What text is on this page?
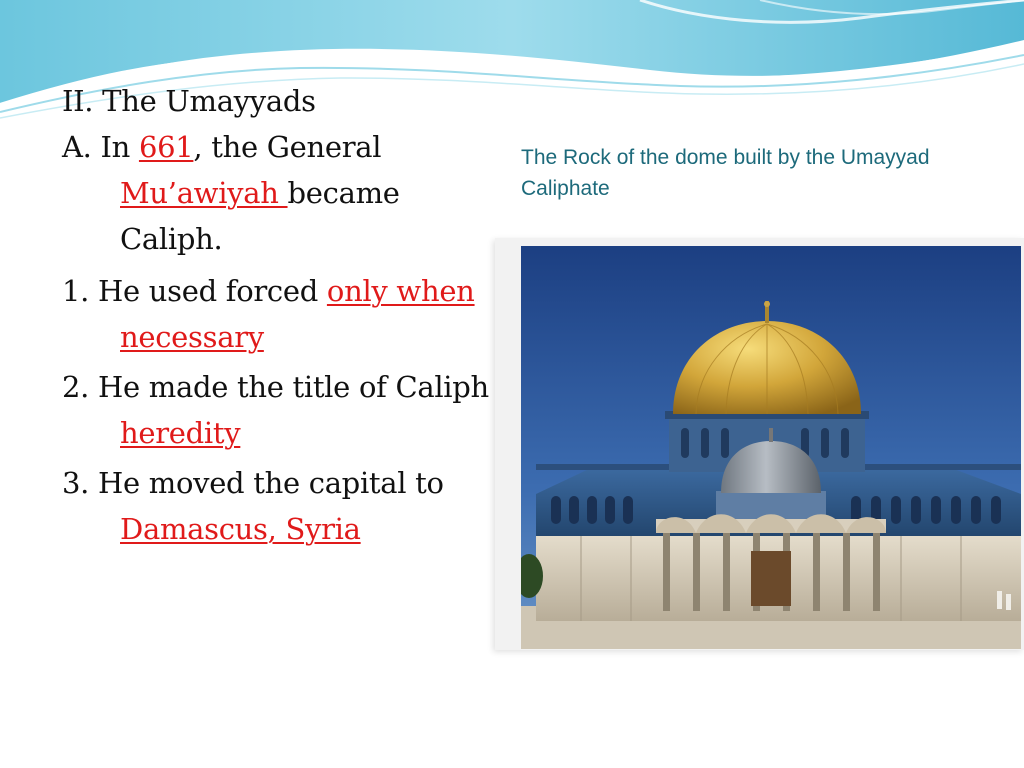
II. The Umayyads

A. In 661, the General Mu’awiyah became Caliph.

1. He used forced only when necessary

2. He made the title of Caliph heredity

3. He moved the capital to Damascus, Syria

The Rock of the dome built by the Umayyad Caliphate
